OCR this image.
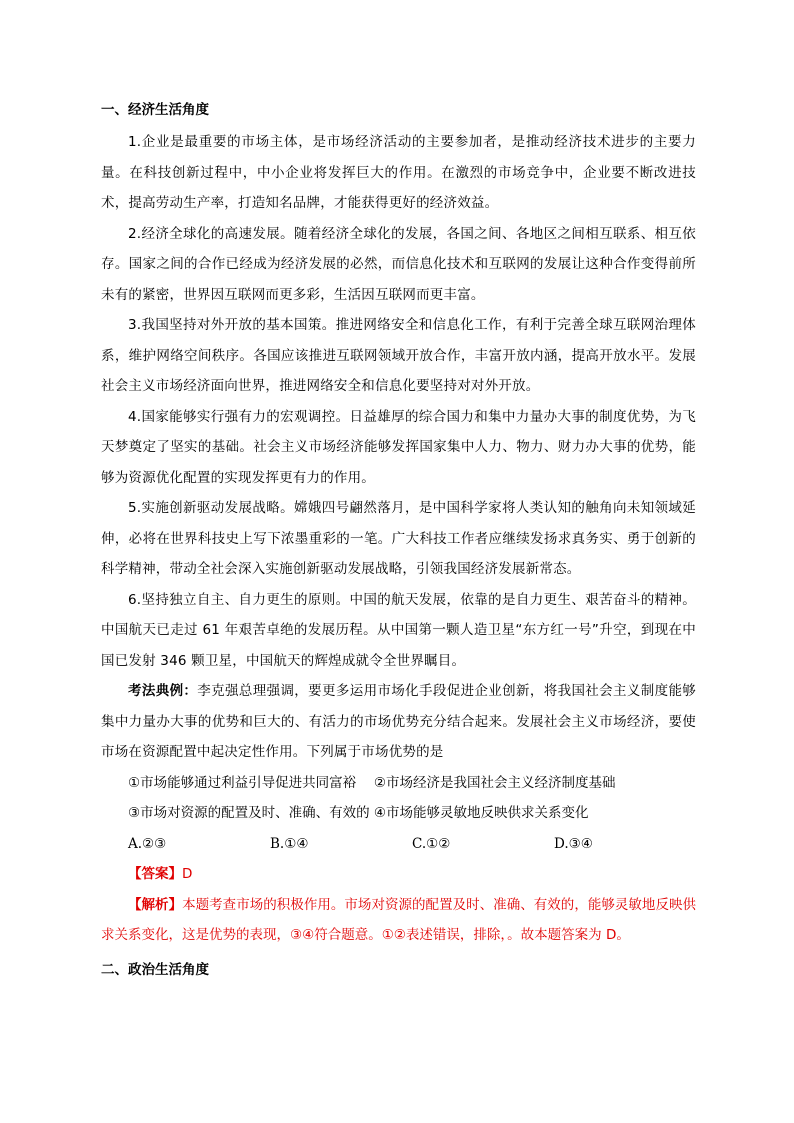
一、经济生活角度

1.企业是最重要的市场主体，是市场经济活动的主要参加者，是推动经济技术进步的主要力量。在科技创新过程中，中小企业将发挥巨大的作用。在激烈的市场竞争中，企业要不断改进技术，提高劳动生产率，打造知名品牌，才能获得更好的经济效益。

2.经济全球化的高速发展。随着经济全球化的发展，各国之间、各地区之间相互联系、相互依存。国家之间的合作已经成为经济发展的必然，而信息化技术和互联网的发展让这种合作变得前所未有的紧密，世界因互联网而更多彩，生活因互联网而更丰富。

3.我国坚持对外开放的基本国策。推进网络安全和信息化工作，有利于完善全球互联网治理体系，维护网络空间秩序。各国应该推进互联网领域开放合作，丰富开放内涵，提高开放水平。发展社会主义市场经济面向世界，推进网络安全和信息化要坚持对对外开放。

4.国家能够实行强有力的宏观调控。日益雄厚的综合国力和集中力量办大事的制度优势，为飞天梦奠定了坚实的基础。社会主义市场经济能够发挥国家集中人力、物力、财力办大事的优势，能够为资源优化配置的实现发挥更有力的作用。

5.实施创新驱动发展战略。嫦娥四号翩然落月，是中国科学家将人类认知的触角向未知领域延伸，必将在世界科技史上写下浓墨重彩的一笔。广大科技工作者应继续发扬求真务实、勇于创新的科学精神，带动全社会深入实施创新驱动发展战略，引领我国经济发展新常态。

6.坚持独立自主、自力更生的原则。中国的航天发展，依靠的是自力更生、艰苦奋斗的精神。中国航天已走过 61 年艰苦卓绝的发展历程。从中国第一颗人造卫星“东方红一号”升空，到现在中国已发射 346 颗卫星，中国航天的辉煌成就令全世界瞩目。

考法典例：李克强总理强调，要更多运用市场化手段促进企业创新，将我国社会主义制度能够集中力量办大事的优势和巨大的、有活力的市场优势充分结合起来。发展社会主义市场经济，要使市场在资源配置中起决定性作用。下列属于市场优势的是

①市场能够通过利益引导促进共同富裕　 ②市场经济是我国社会主义经济制度基础

③市场对资源的配置及时、准确、有效的 ④市场能够灵敏地反映供求关系变化

A.②③	B.①④	C.①②	D.③④

【答案】D

【解析】本题考查市场的积极作用。市场对资源的配置及时、准确、有效的，能够灵敏地反映供求关系变化，这是优势的表现，③④符合题意。①②表述错误，排除，。故本题答案为 D。

二、政治生活角度
